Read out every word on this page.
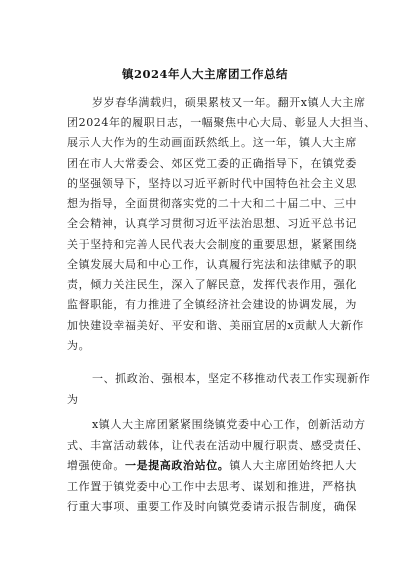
镇2024年人大主席团工作总结
岁岁春华满载归，硕果累枝又一年。翻开x镇人大主席
团2024年的履职日志，一幅聚焦中心大局、彰显人大担当、
展示人大作为的生动画面跃然纸上。这一年，镇人大主席
团在市人大常委会、郊区党工委的正确指导下，在镇党委
的坚强领导下，坚持以习近平新时代中国特色社会主义思
想为指导，全面贯彻落实党的二十大和二十届二中、三中
全会精神，认真学习贯彻习近平法治思想、习近平总书记
关于坚持和完善人民代表大会制度的重要思想，紧紧围绕
全镇发展大局和中心工作，认真履行宪法和法律赋予的职
责，倾力关注民生，深入了解民意，发挥代表作用，强化
监督职能，有力推进了全镇经济社会建设的协调发展，为
加快建设幸福美好、平安和谐、美丽宜居的x贡献人大新作
为。
一、抓政治、强根本，坚定不移推动代表工作实现新作
为
x镇人大主席团紧紧围绕镇党委中心工作，创新活动方
式、丰富活动载体，让代表在活动中履行职责、感受责任、
增强使命。一是提高政治站位。镇人大主席团始终把人大
工作置于镇党委中心工作中去思考、谋划和推进，严格执
行重大事项、重要工作及时向镇党委请示报告制度，确保
